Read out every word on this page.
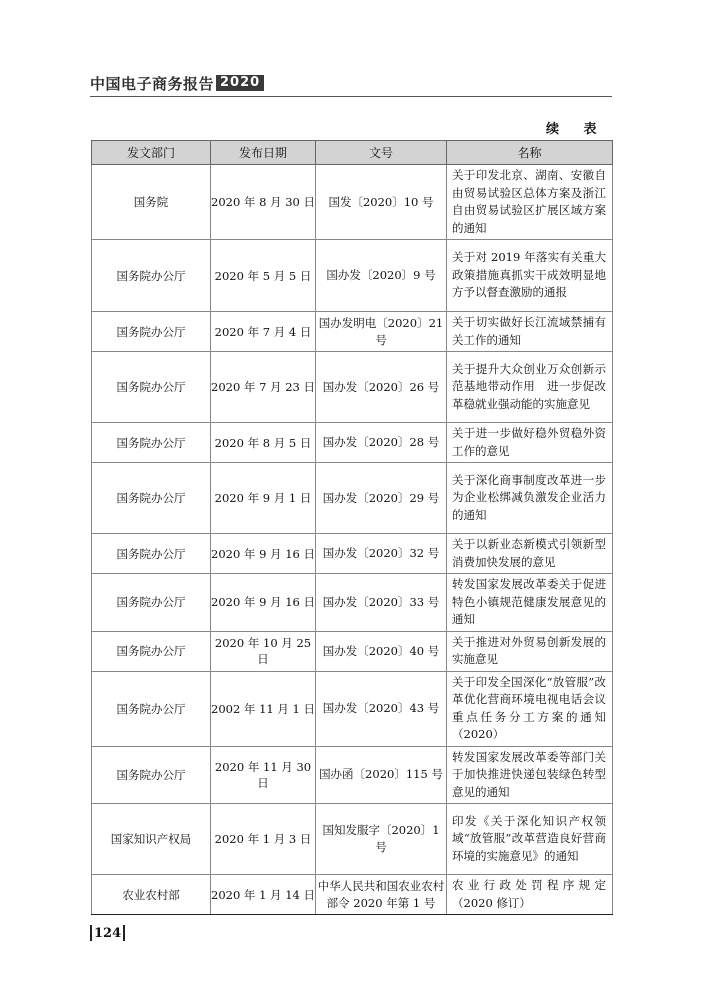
中国电子商务报告 2020
续 表
发文部门	发布日期	文号	名称
国务院	2020 年 8 月 30 日	国发〔2020〕10 号	关于印发北京、湖南、安徽自由贸易试验区总体方案及浙江自由贸易试验区扩展区域方案的通知
国务院办公厅	2020 年 5 月 5 日	国办发〔2020〕9 号	关于对 2019 年落实有关重大政策措施真抓实干成效明显地方予以督查激励的通报
国务院办公厅	2020 年 7 月 4 日	国办发明电〔2020〕21 号	关于切实做好长江流域禁捕有关工作的通知
国务院办公厅	2020 年 7 月 23 日	国办发〔2020〕26 号	关于提升大众创业万众创新示范基地带动作用　进一步促改革稳就业强动能的实施意见
国务院办公厅	2020 年 8 月 5 日	国办发〔2020〕28 号	关于进一步做好稳外贸稳外资工作的意见
国务院办公厅	2020 年 9 月 1 日	国办发〔2020〕29 号	关于深化商事制度改革进一步为企业松绑减负激发企业活力的通知
国务院办公厅	2020 年 9 月 16 日	国办发〔2020〕32 号	关于以新业态新模式引领新型消费加快发展的意见
国务院办公厅	2020 年 9 月 16 日	国办发〔2020〕33 号	转发国家发展改革委关于促进特色小镇规范健康发展意见的通知
国务院办公厅	2020 年 10 月 25 日	国办发〔2020〕40 号	关于推进对外贸易创新发展的实施意见
国务院办公厅	2002 年 11 月 1 日	国办发〔2020〕43 号	关于印发全国深化“放管服”改革优化营商环境电视电话会议重点任务分工方案的通知（2020）
国务院办公厅	2020 年 11 月 30 日	国办函〔2020〕115 号	转发国家发展改革委等部门关于加快推进快递包装绿色转型意见的通知
国家知识产权局	2020 年 1 月 3 日	国知发服字〔2020〕1 号	印发《关于深化知识产权领域“放管服”改革营造良好营商环境的实施意见》的通知
农业农村部	2020 年 1 月 14 日	中华人民共和国农业农村部令 2020 年第 1 号	农业行政处罚程序规定（2020 修订）
124
